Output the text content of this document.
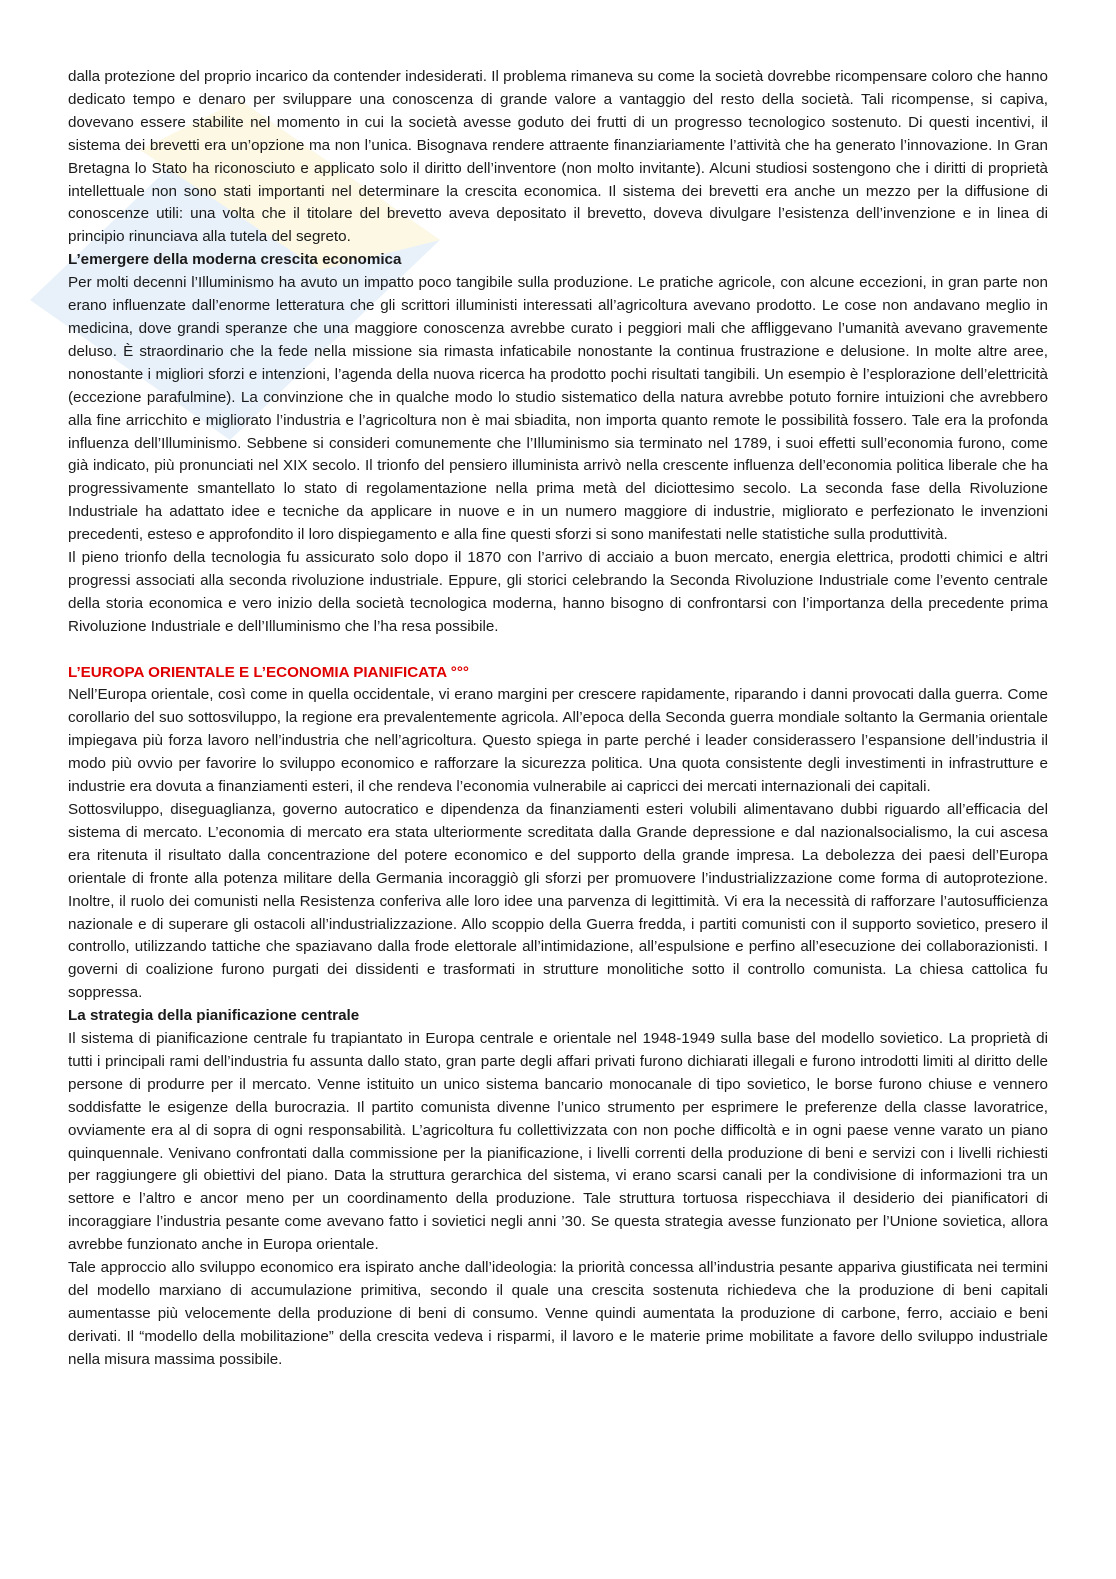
dalla protezione del proprio incarico da contender indesiderati. Il problema rimaneva su come la società dovrebbe ricompensare coloro che hanno dedicato tempo e denaro per sviluppare una conoscenza di grande valore a vantaggio del resto della società. Tali ricompense, si capiva, dovevano essere stabilite nel momento in cui la società avesse goduto dei frutti di un progresso tecnologico sostenuto. Di questi incentivi, il sistema dei brevetti era un’opzione ma non l’unica. Bisognava rendere attraente finanziariamente l’attività che ha generato l’innovazione. In Gran Bretagna lo Stato ha riconosciuto e applicato solo il diritto dell’inventore (non molto invitante). Alcuni studiosi sostengono che i diritti di proprietà intellettuale non sono stati importanti nel determinare la crescita economica. Il sistema dei brevetti era anche un mezzo per la diffusione di conoscenze utili: una volta che il titolare del brevetto aveva depositato il brevetto, doveva divulgare l’esistenza dell’invenzione e in linea di principio rinunciava alla tutela del segreto.

L’emergere della moderna crescita economica

Per molti decenni l’Illuminismo ha avuto un impatto poco tangibile sulla produzione. Le pratiche agricole, con alcune eccezioni, in gran parte non erano influenzate dall’enorme letteratura che gli scrittori illuministi interessati all’agricoltura avevano prodotto. Le cose non andavano meglio in medicina, dove grandi speranze che una maggiore conoscenza avrebbe curato i peggiori mali che affliggevano l’umanità avevano gravemente deluso. È straordinario che la fede nella missione sia rimasta infaticabile nonostante la continua frustrazione e delusione. In molte altre aree, nonostante i migliori sforzi e intenzioni, l’agenda della nuova ricerca ha prodotto pochi risultati tangibili. Un esempio è l’esplorazione dell’elettricità (eccezione parafulmine). La convinzione che in qualche modo lo studio sistematico della natura avrebbe potuto fornire intuizioni che avrebbero alla fine arricchito e migliorato l’industria e l’agricoltura non è mai sbiadita, non importa quanto remote le possibilità fossero. Tale era la profonda influenza dell’Illuminismo. Sebbene si consideri comunemente che l’Illuminismo sia terminato nel 1789, i suoi effetti sull’economia furono, come già indicato, più pronunciati nel XIX secolo. Il trionfo del pensiero illuminista arrivò nella crescente influenza dell’economia politica liberale che ha progressivamente smantellato lo stato di regolamentazione nella prima metà del diciottesimo secolo. La seconda fase della Rivoluzione Industriale ha adattato idee e tecniche da applicare in nuove e in un numero maggiore di industrie, migliorato e perfezionato le invenzioni precedenti, esteso e approfondito il loro dispiegamento e alla fine questi sforzi si sono manifestati nelle statistiche sulla produttività.

Il pieno trionfo della tecnologia fu assicurato solo dopo il 1870 con l’arrivo di acciaio a buon mercato, energia elettrica, prodotti chimici e altri progressi associati alla seconda rivoluzione industriale. Eppure, gli storici celebrando la Seconda Rivoluzione Industriale come l’evento centrale della storia economica e vero inizio della società tecnologica moderna, hanno bisogno di confrontarsi con l’importanza della precedente prima Rivoluzione Industriale e dell’Illuminismo che l’ha resa possibile.

L’EUROPA ORIENTALE E L’ECONOMIA PIANIFICATA °°°

Nell’Europa orientale, così come in quella occidentale, vi erano margini per crescere rapidamente, riparando i danni provocati dalla guerra. Come corollario del suo sottosviluppo, la regione era prevalentemente agricola. All’epoca della Seconda guerra mondiale soltanto la Germania orientale impiegava più forza lavoro nell’industria che nell’agricoltura. Questo spiega in parte perché i leader considerassero l’espansione dell’industria il modo più ovvio per favorire lo sviluppo economico e rafforzare la sicurezza politica. Una quota consistente degli investimenti in infrastrutture e industrie era dovuta a finanziamenti esteri, il che rendeva l’economia vulnerabile ai capricci dei mercati internazionali dei capitali.

Sottosviluppo, diseguaglianza, governo autocratico e dipendenza da finanziamenti esteri volubili alimentavano dubbi riguardo all’efficacia del sistema di mercato. L’economia di mercato era stata ulteriormente screditata dalla Grande depressione e dal nazionalsocialismo, la cui ascesa era ritenuta il risultato dalla concentrazione del potere economico e del supporto della grande impresa. La debolezza dei paesi dell’Europa orientale di fronte alla potenza militare della Germania incoraggiò gli sforzi per promuovere l’industrializzazione come forma di autoprotezione. Inoltre, il ruolo dei comunisti nella Resistenza conferiva alle loro idee una parvenza di legittimità. Vi era la necessità di rafforzare l’autosufficienza nazionale e di superare gli ostacoli all’industrializzazione. Allo scoppio della Guerra fredda, i partiti comunisti con il supporto sovietico, presero il controllo, utilizzando tattiche che spaziavano dalla frode elettorale all’intimidazione, all’espulsione e perfino all’esecuzione dei collaborazionisti. I governi di coalizione furono purgati dei dissidenti e trasformati in strutture monolitiche sotto il controllo comunista. La chiesa cattolica fu soppressa.

La strategia della pianificazione centrale

Il sistema di pianificazione centrale fu trapiantato in Europa centrale e orientale nel 1948-1949 sulla base del modello sovietico. La proprietà di tutti i principali rami dell’industria fu assunta dallo stato, gran parte degli affari privati furono dichiarati illegali e furono introdotti limiti al diritto delle persone di produrre per il mercato. Venne istituito un unico sistema bancario monocanale di tipo sovietico, le borse furono chiuse e vennero soddisfatte le esigenze della burocrazia. Il partito comunista divenne l’unico strumento per esprimere le preferenze della classe lavoratrice, ovviamente era al di sopra di ogni responsabilità. L’agricoltura fu collettivizzata con non poche difficoltà e in ogni paese venne varato un piano quinquennale. Venivano confrontati dalla commissione per la pianificazione, i livelli correnti della produzione di beni e servizi con i livelli richiesti per raggiungere gli obiettivi del piano. Data la struttura gerarchica del sistema, vi erano scarsi canali per la condivisione di informazioni tra un settore e l’altro e ancor meno per un coordinamento della produzione. Tale struttura tortuosa rispecchiava il desiderio dei pianificatori di incoraggiare l’industria pesante come avevano fatto i sovietici negli anni ’30. Se questa strategia avesse funzionato per l’Unione sovietica, allora avrebbe funzionato anche in Europa orientale.

Tale approccio allo sviluppo economico era ispirato anche dall’ideologia: la priorità concessa all’industria pesante appariva giustificata nei termini del modello marxiano di accumulazione primitiva, secondo il quale una crescita sostenuta richiedeva che la produzione di beni capitali aumentasse più velocemente della produzione di beni di consumo. Venne quindi aumentata la produzione di carbone, ferro, acciaio e beni derivati. Il “modello della mobilitazione” della crescita vedeva i risparmi, il lavoro e le materie prime mobilitate a favore dello sviluppo industriale nella misura massima possibile.
